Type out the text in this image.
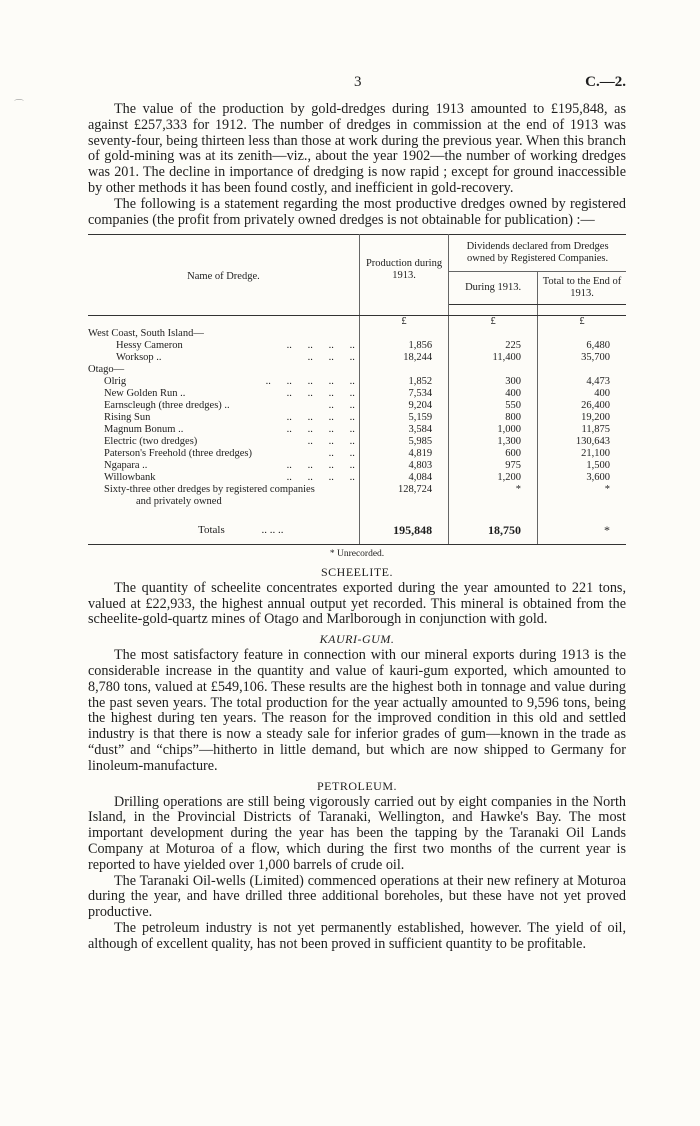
⌒
3	C.—2.

The value of the production by gold-dredges during 1913 amounted to £195,848, as against £257,333 for 1912. The number of dredges in commission at the end of 1913 was seventy-four, being thirteen less than those at work during the previous year. When this branch of gold-mining was at its zenith—viz., about the year 1902—the number of working dredges was 201. The decline in importance of dredging is now rapid ; except for ground inaccessible by other methods it has been found costly, and inefficient in gold-recovery.

The following is a statement regarding the most productive dredges owned by registered companies (the profit from privately owned dredges is not obtainable for publication) :—

Name of Dredge.	Production during 1913.	Dividends declared from Dredges owned by Registered Companies.	
		During 1913.	Total to the End of 1913.

	£	£	£
West Coast, South Island—			
Hessy Cameron ..      ..      ..      ..	1,856	225	6,480
Worksop .. ..      ..      ..	18,244	11,400	35,700
Otago—			
Olrig ..      ..      ..      ..      ..	1,852	300	4,473
New Golden Run .. ..      ..      ..      ..	7,534	400	400
Earnscleugh (three dredges) .. ..      ..	9,204	550	26,400
Rising Sun ..      ..      ..      ..	5,159	800	19,200
Magnum Bonum .. ..      ..      ..      ..	3,584	1,000	11,875
Electric (two dredges) ..      ..      ..	5,985	1,300	130,643
Paterson's Freehold (three dredges) ..      ..	4,819	600	21,100
Ngapara .. ..      ..      ..      ..	4,803	975	1,500
Willowbank ..      ..      ..      ..	4,084	1,200	3,600
Sixty-three other dredges by registered companies	128,724	*	*
and privately owned			

Totals .. .. ..	195,848	18,750	*
* Unrecorded.
SCHEELITE.

The quantity of scheelite concentrates exported during the year amounted to 221 tons, valued at £22,933, the highest annual output yet recorded. This mineral is obtained from the scheelite-gold-quartz mines of Otago and Marlborough in conjunction with gold.

KAURI-GUM.

The most satisfactory feature in connection with our mineral exports during 1913 is the considerable increase in the quantity and value of kauri-gum exported, which amounted to 8,780 tons, valued at £549,106. These results are the highest both in tonnage and value during the past seven years. The total production for the year actually amounted to 9,596 tons, being the highest during ten years. The reason for the improved condition in this old and settled industry is that there is now a steady sale for inferior grades of gum—known in the trade as “dust” and “chips”—hitherto in little demand, but which are now shipped to Germany for linoleum-manufacture.

PETROLEUM.

Drilling operations are still being vigorously carried out by eight companies in the North Island, in the Provincial Districts of Taranaki, Wellington, and Hawke's Bay. The most important development during the year has been the tapping by the Taranaki Oil Lands Company at Moturoa of a flow, which during the first two months of the current year is reported to have yielded over 1,000 barrels of crude oil.

The Taranaki Oil-wells (Limited) commenced operations at their new refinery at Moturoa during the year, and have drilled three additional boreholes, but these have not yet proved productive.

The petroleum industry is not yet permanently established, however. The yield of oil, although of excellent quality, has not been proved in sufficient quantity to be profitable.
